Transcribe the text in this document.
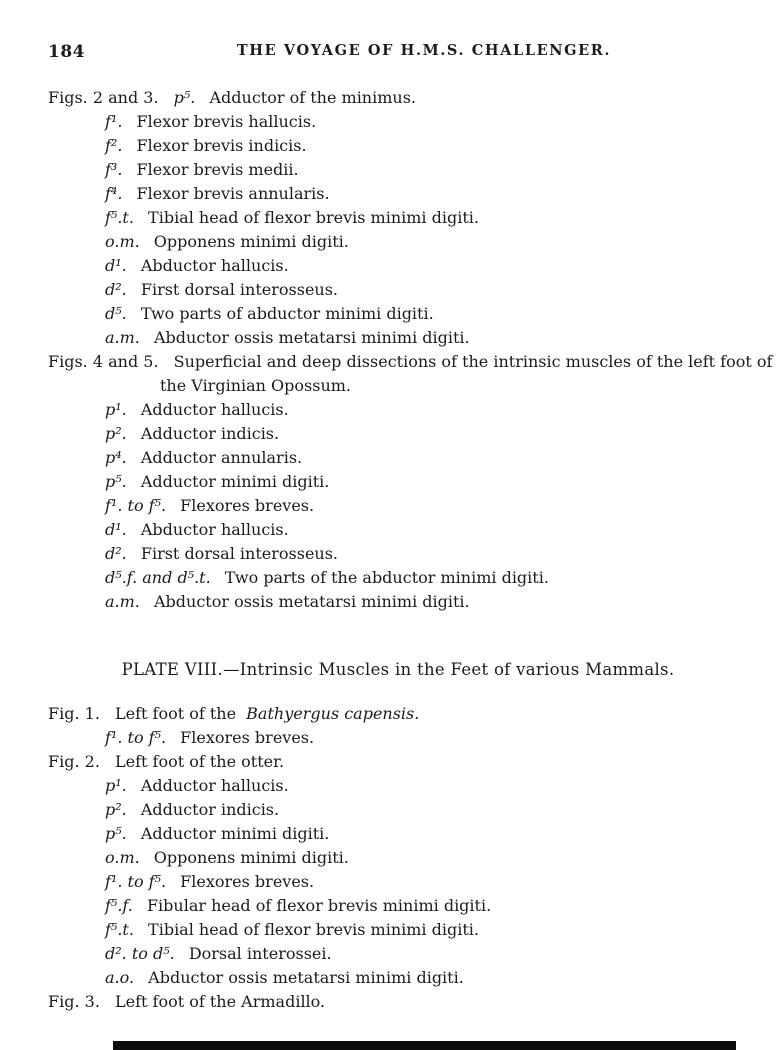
184	THE VOYAGE OF H.M.S. CHALLENGER.
Figs. 2 and 3. p⁵. Adductor of the minimus.
f¹. Flexor brevis hallucis.
f². Flexor brevis indicis.
f³. Flexor brevis medii.
f⁴. Flexor brevis annularis.
f⁵.t. Tibial head of flexor brevis minimi digiti.
o.m. Opponens minimi digiti.
d¹. Abductor hallucis.
d². First dorsal interosseus.
d⁵. Two parts of abductor minimi digiti.
a.m. Abductor ossis metatarsi minimi digiti.
Figs. 4 and 5. Superficial and deep dissections of the intrinsic muscles of the left foot of
the Virginian Opossum.
p¹. Adductor hallucis.
p². Adductor indicis.
p⁴. Adductor annularis.
p⁵. Adductor minimi digiti.
f¹. to f⁵. Flexores breves.
d¹. Abductor hallucis.
d². First dorsal interosseus.
d⁵.f. and d⁵.t. Two parts of the abductor minimi digiti.
a.m. Abductor ossis metatarsi minimi digiti.
PLATE VIII.—Intrinsic Muscles in the Feet of various Mammals.
Fig. 1. Left foot of the Bathyergus capensis.
f¹. to f⁵. Flexores breves.
Fig. 2. Left foot of the otter.
p¹. Adductor hallucis.
p². Adductor indicis.
p⁵. Adductor minimi digiti.
o.m. Opponens minimi digiti.
f¹. to f⁵. Flexores breves.
f⁵.f. Fibular head of flexor brevis minimi digiti.
f⁵.t. Tibial head of flexor brevis minimi digiti.
d². to d⁵. Dorsal interossei.
a.o. Abductor ossis metatarsi minimi digiti.
Fig. 3. Left foot of the Armadillo.
